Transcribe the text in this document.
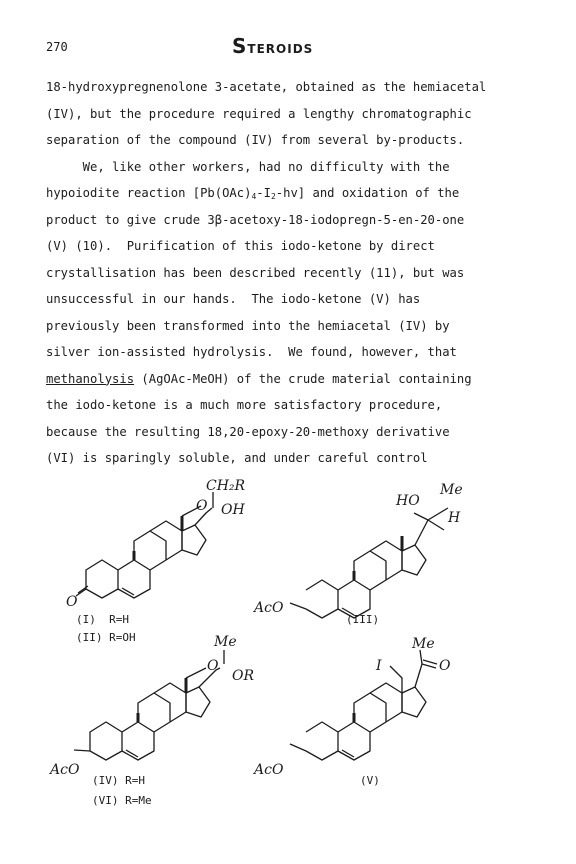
270	STEROIDS
18-hydroxypregnenolone 3-acetate, obtained as the hemiacetal
(IV), but the procedure required a lengthy chromatographic
separation of the compound (IV) from several by-products.
We, like other workers, had no difficulty with the
hypoiodite reaction $[Pb(OAc)_4-I_2-hv]$ and oxidation of the
product to give crude 3β-acetoxy-18-iodopregn-5-en-20-one
(V) (10).  Purification of this iodo-ketone by direct
crystallisation has been described recently (11), but was
unsuccessful in our hands.  The iodo-ketone (V) has
previously been transformed into the hemiacetal (IV) by
silver ion-assisted hydrolysis.  We found, however, that
methanolysis (AgOAc-MeOH) of the crude material containing
the iodo-ketone is a much more satisfactory procedure,
because the resulting 18,20-epoxy-20-methoxy derivative
(VI) is sparingly soluble, and under careful control
O
CH₂R
O OH
(I)  R=H
(II) R=OH
AcO
HO
Me
H
(III)
AcO
Me
O
OR
(IV) R=H
(VI) R=Me
AcO
I
Me
O
(V)
